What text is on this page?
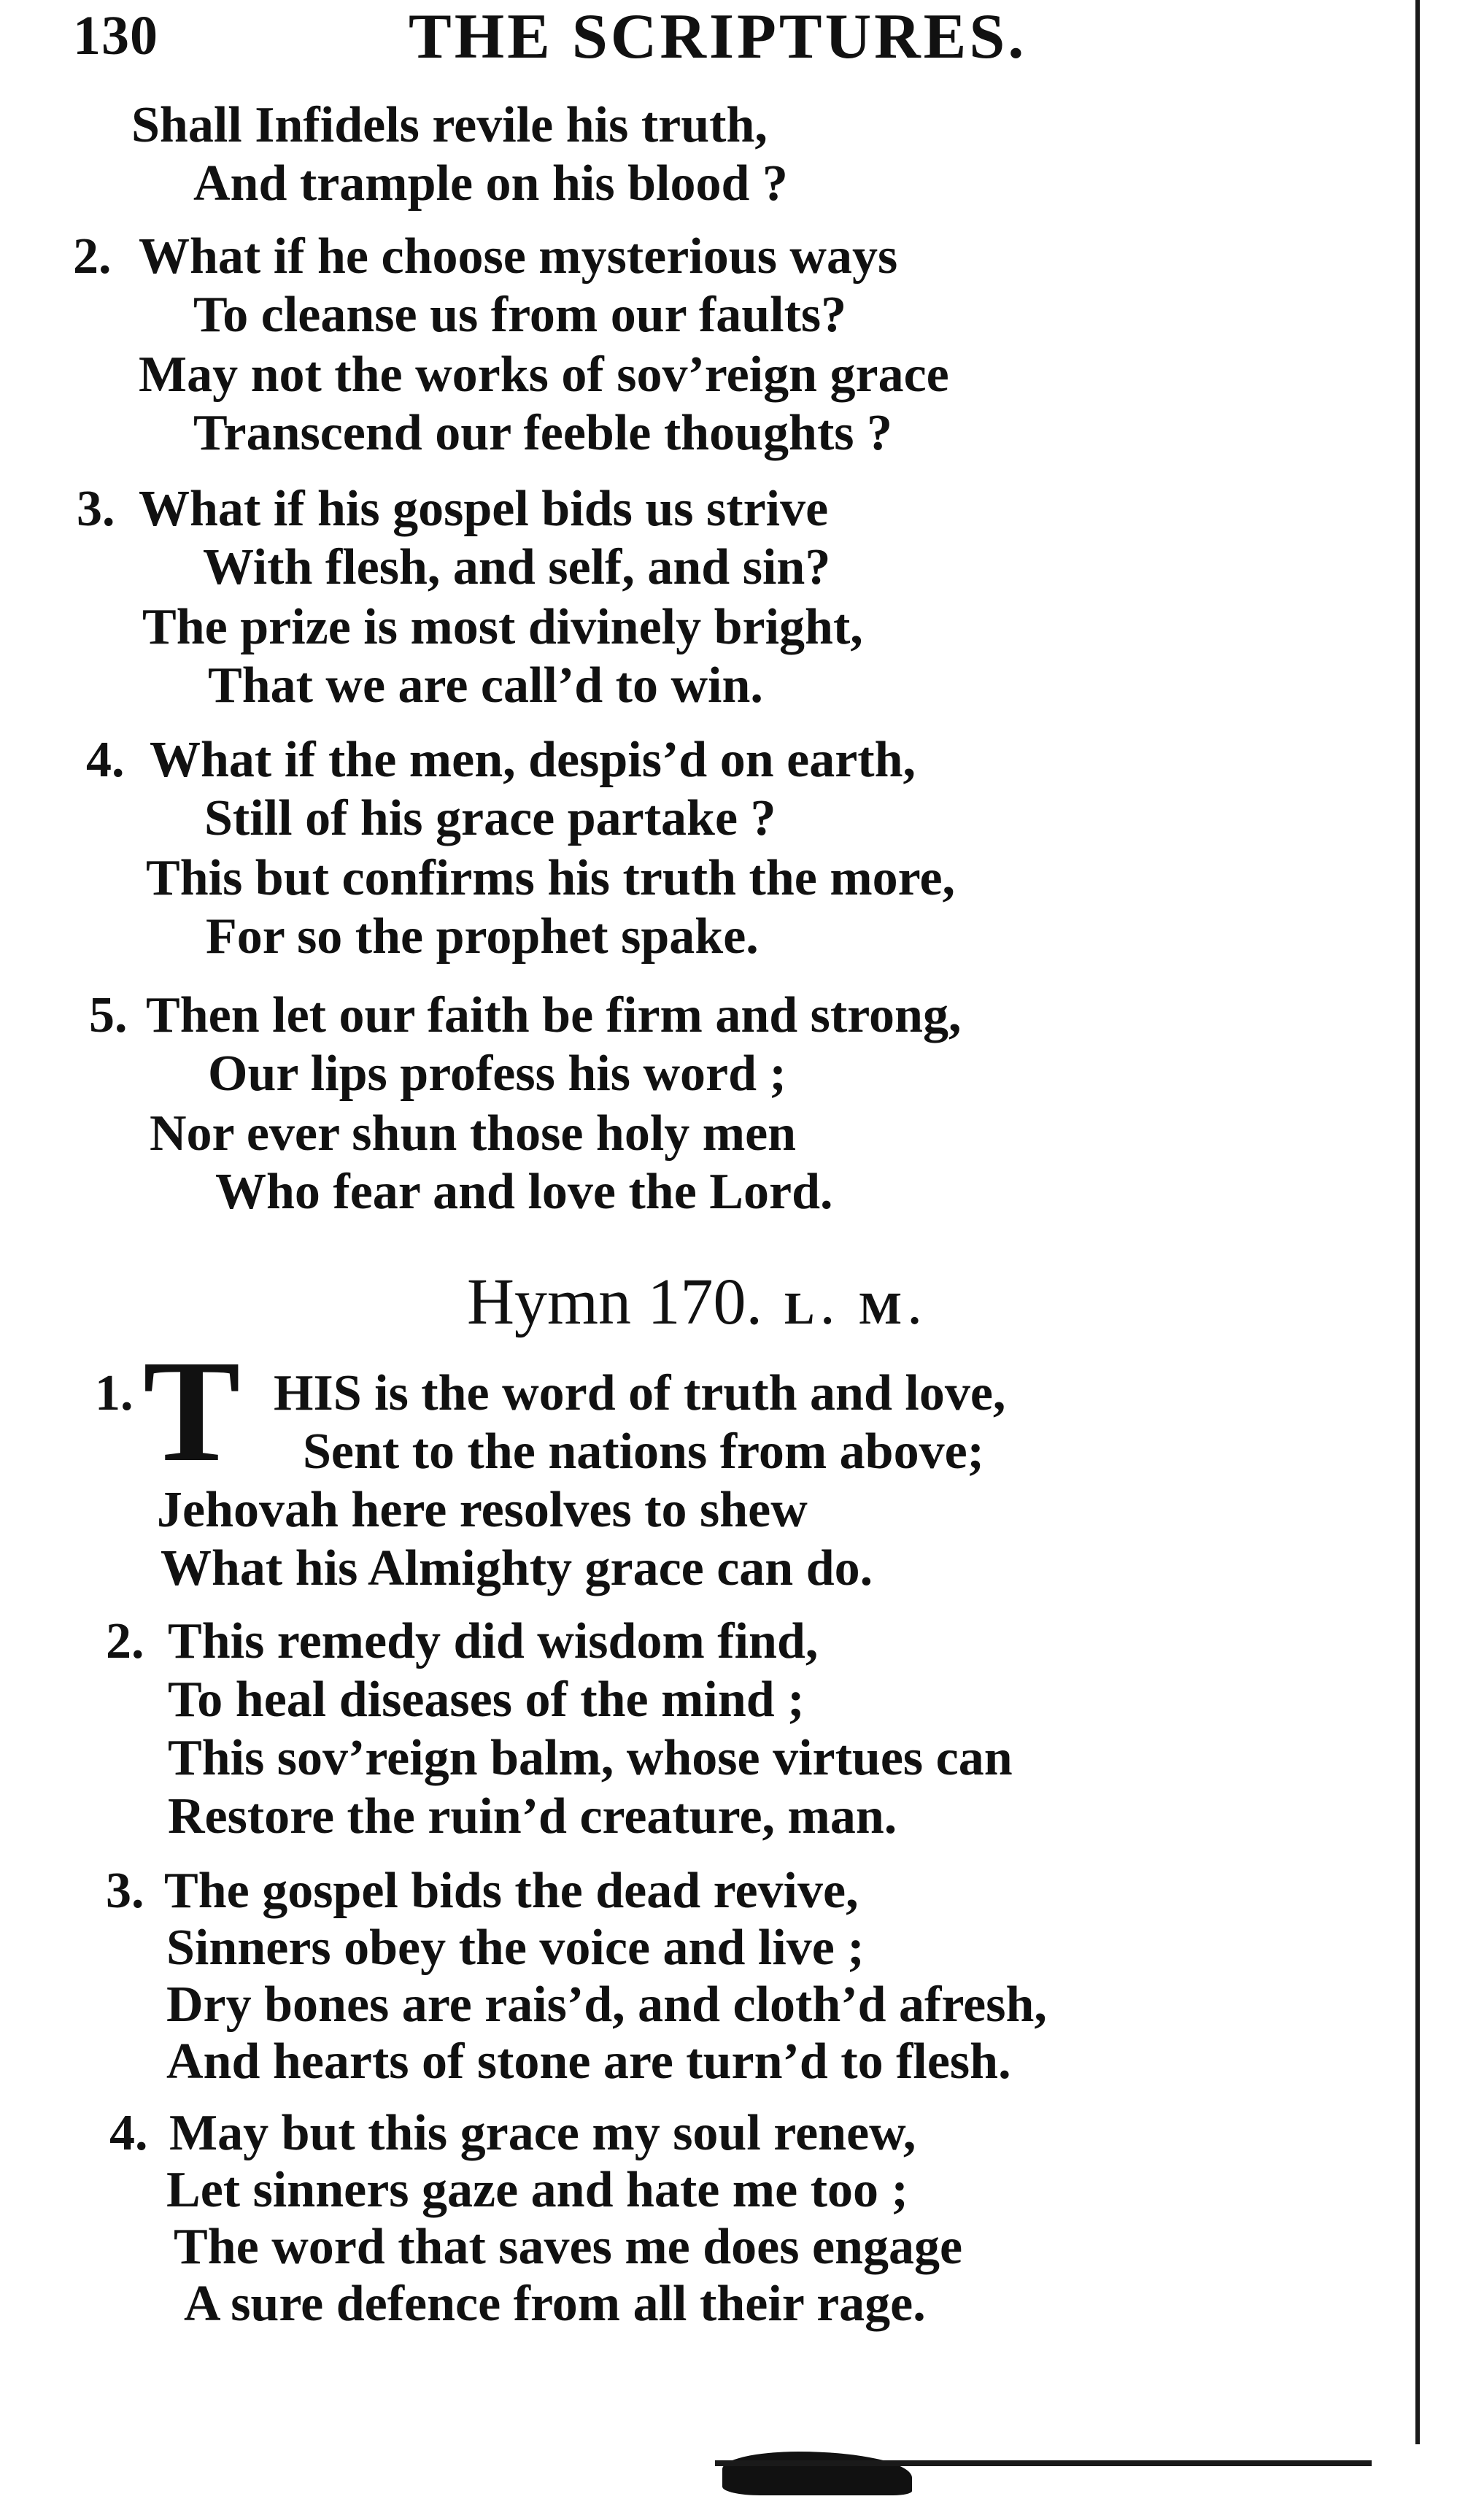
130	THE SCRIPTURES.
Shall Infidels revile his truth,
And trample on his blood ?
2. What if he choose mysterious ways
To cleanse us from our faults?
May not the works of sov’reign grace
Transcend our feeble thoughts ?
3. What if his gospel bids us strive
With flesh, and self, and sin?
The prize is most divinely bright,
That we are call’d to win.
4. What if the men, despis’d on earth,
Still of his grace partake ?
This but confirms his truth the more,
For so the prophet spake.
5. Then let our faith be firm and strong,
Our lips profess his word ;
Nor ever shun those holy men
Who fear and love the Lord.
Hymn 170. L. M.
1. T HIS is the word of truth and love,
Sent to the nations from above;
Jehovah here resolves to shew
What his Almighty grace can do.
2. This remedy did wisdom find,
To heal diseases of the mind ;
This sov’reign balm, whose virtues can
Restore the ruin’d creature, man.
3. The gospel bids the dead revive,
Sinners obey the voice and live ;
Dry bones are rais’d, and cloth’d afresh,
And hearts of stone are turn’d to flesh.
4. May but this grace my soul renew,
Let sinners gaze and hate me too ;
The word that saves me does engage
A sure defence from all their rage.
